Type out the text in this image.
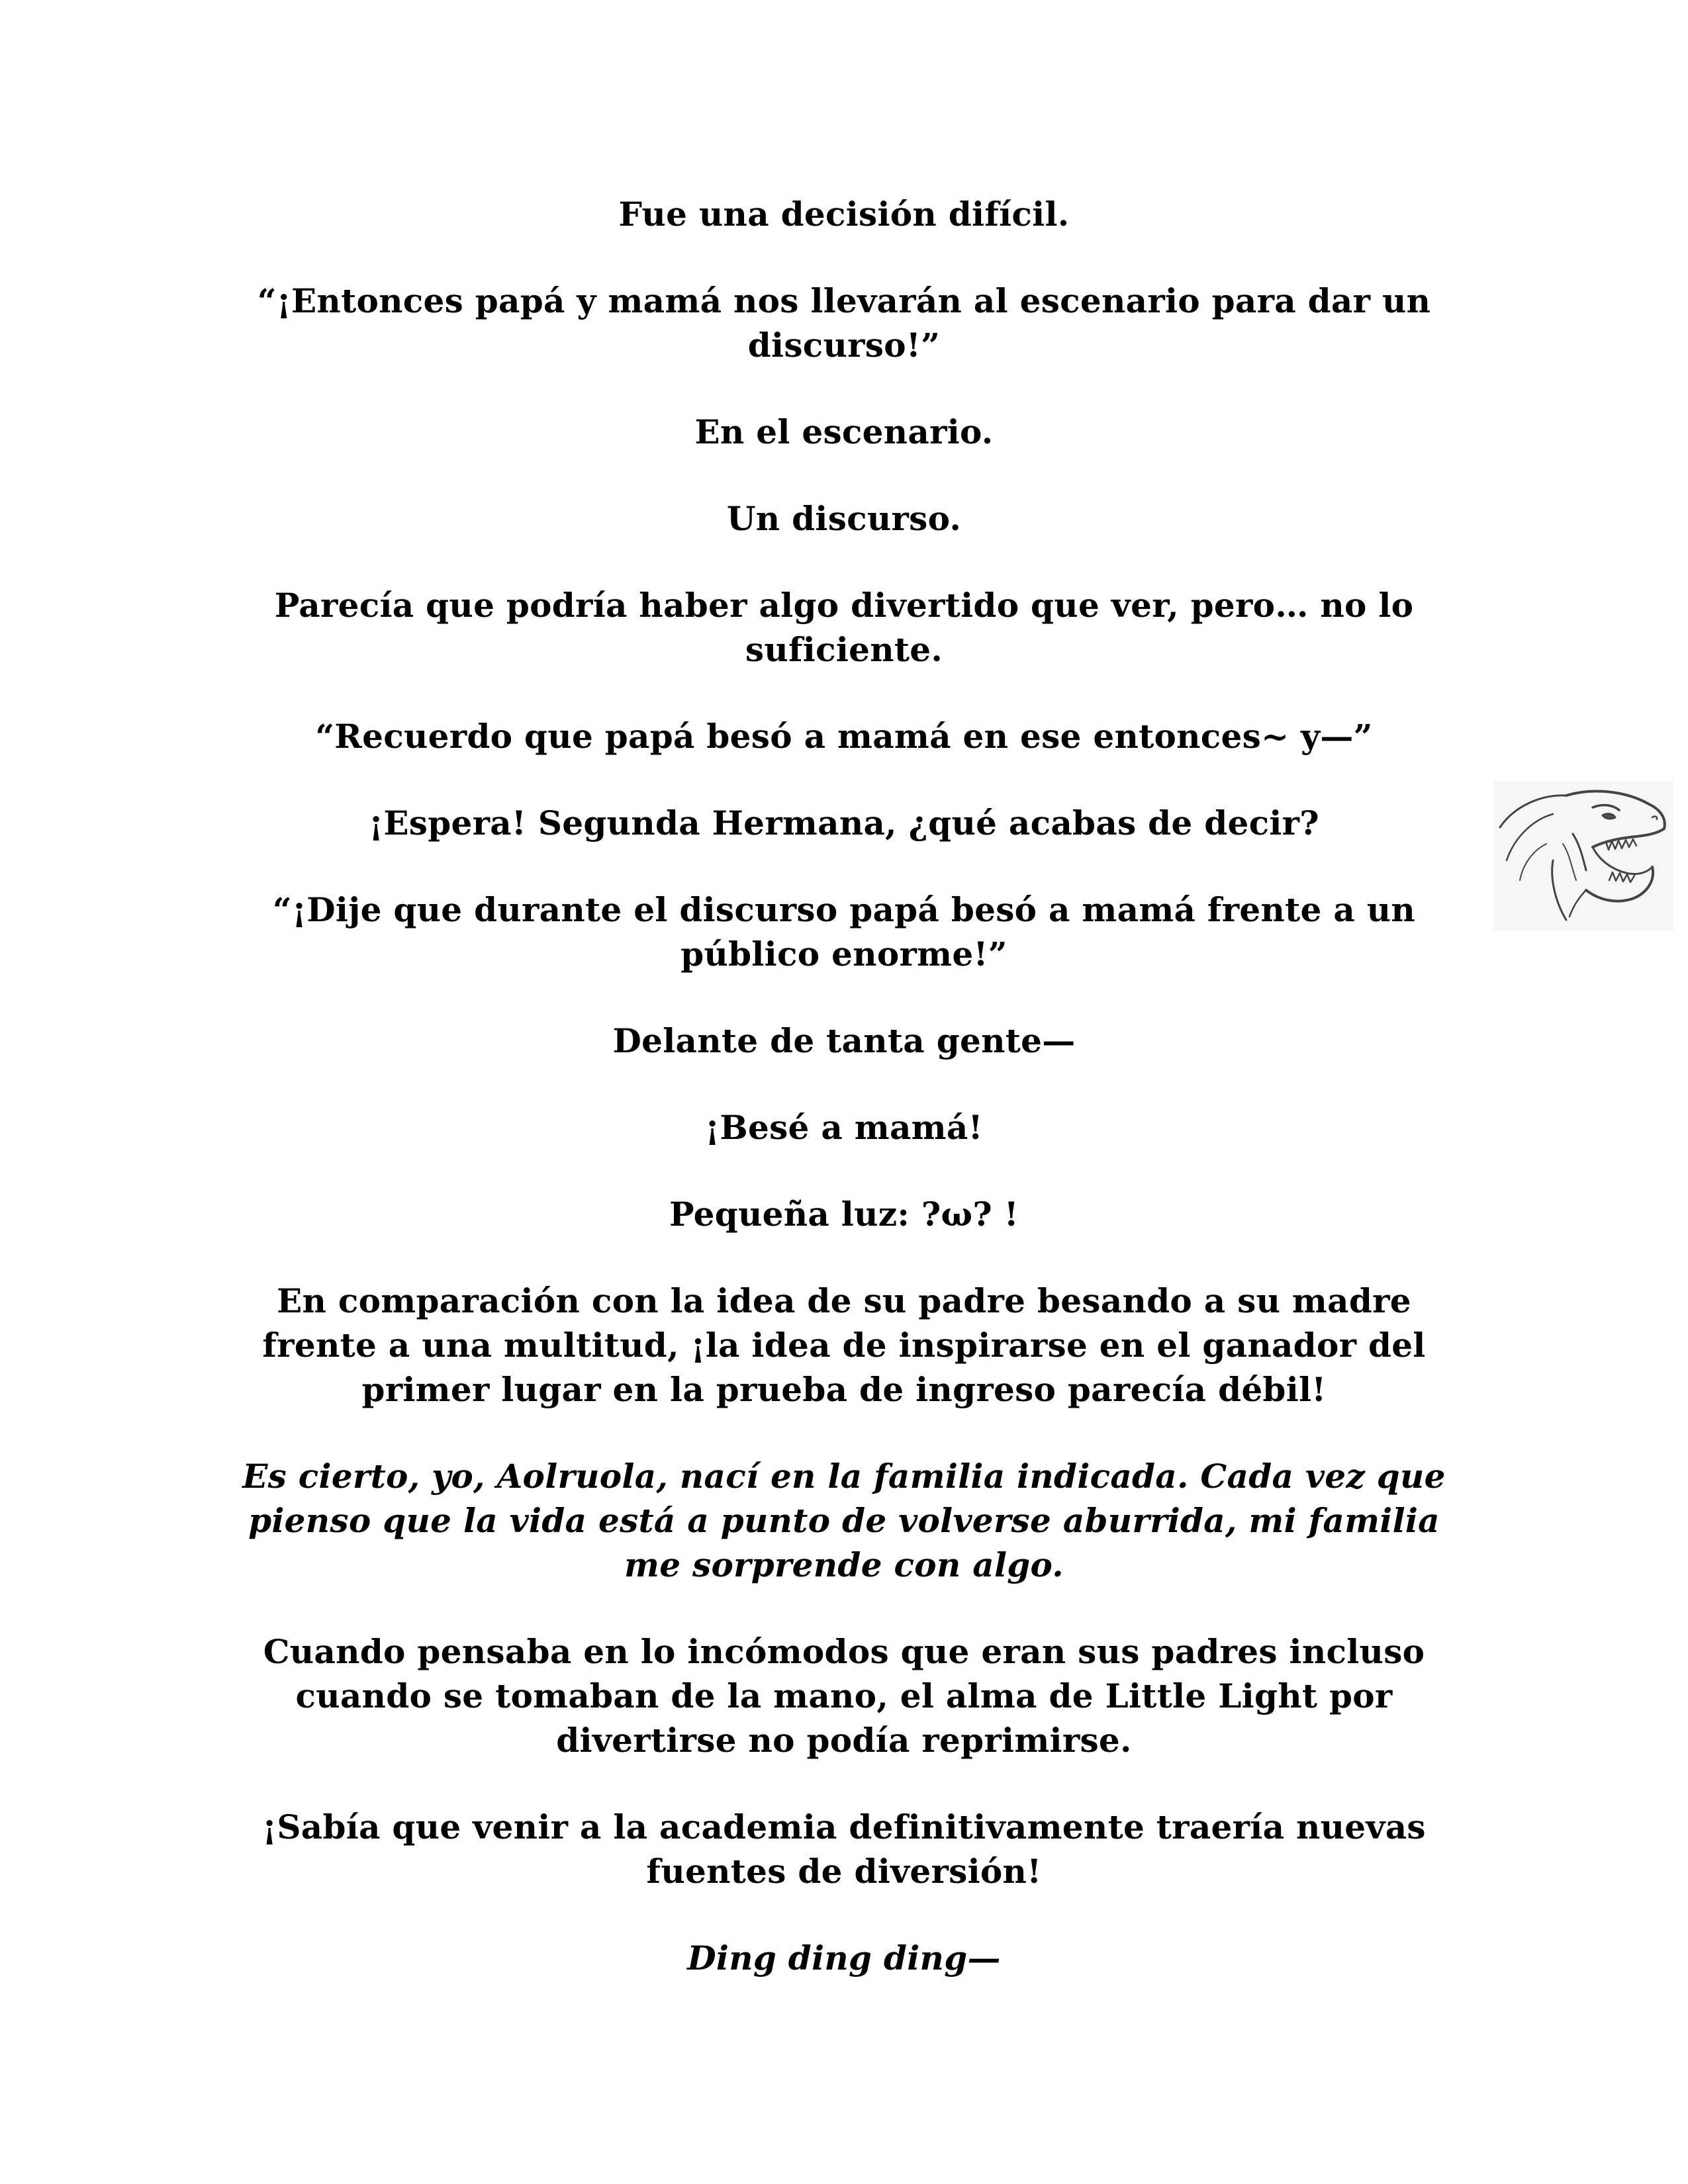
Fue una decisión difícil.

“¡Entonces papá y mamá nos llevarán al escenario para dar un discurso!”

En el escenario.

Un discurso.

Parecía que podría haber algo divertido que ver, pero… no lo suficiente.

“Recuerdo que papá besó a mamá en ese entonces~ y—”

¡Espera! Segunda Hermana, ¿qué acabas de decir?

“¡Dije que durante el discurso papá besó a mamá frente a un público enorme!”

Delante de tanta gente—

¡Besé a mamá!

Pequeña luz: ?ω? !

En comparación con la idea de su padre besando a su madre frente a una multitud, ¡la idea de inspirarse en el ganador del primer lugar en la prueba de ingreso parecía débil!

Es cierto, yo, Aolruola, nací en la familia indicada. Cada vez que pienso que la vida está a punto de volverse aburrida, mi familia me sorprende con algo.

Cuando pensaba en lo incómodos que eran sus padres incluso cuando se tomaban de la mano, el alma de Little Light por divertirse no podía reprimirse.

¡Sabía que venir a la academia definitivamente traería nuevas fuentes de diversión!

Ding ding ding—
